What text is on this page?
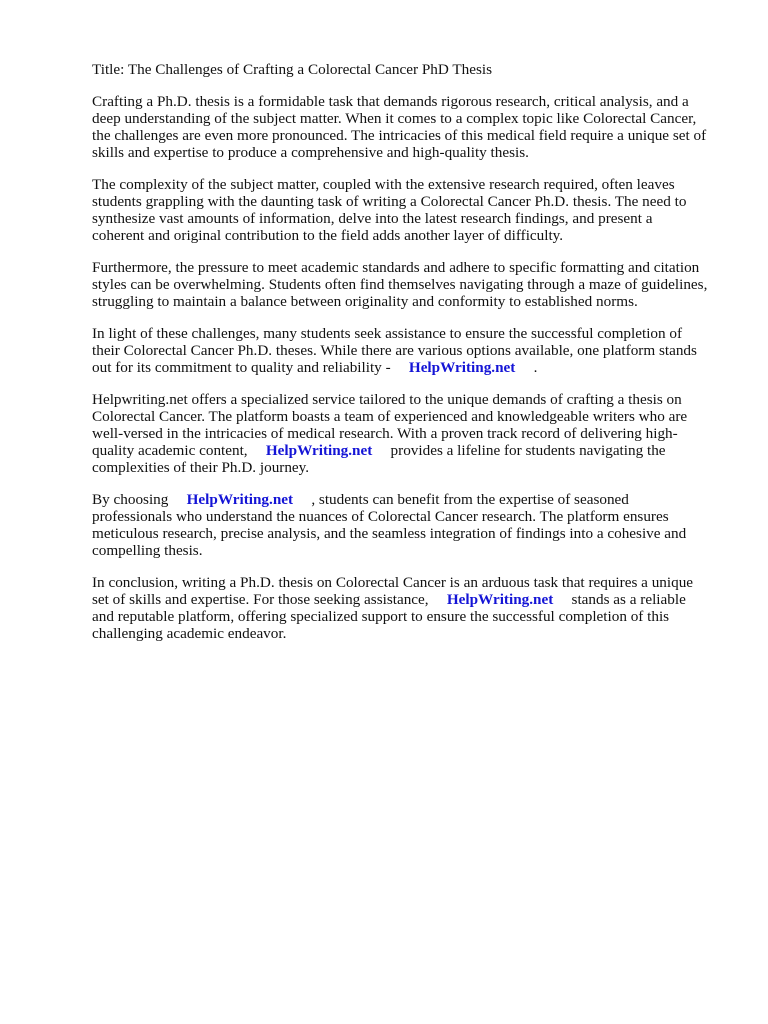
Title: The Challenges of Crafting a Colorectal Cancer PhD Thesis

Crafting a Ph.D. thesis is a formidable task that demands rigorous research, critical analysis, and a deep understanding of the subject matter. When it comes to a complex topic like Colorectal Cancer, the challenges are even more pronounced. The intricacies of this medical field require a unique set of skills and expertise to produce a comprehensive and high-quality thesis.

The complexity of the subject matter, coupled with the extensive research required, often leaves students grappling with the daunting task of writing a Colorectal Cancer Ph.D. thesis. The need to synthesize vast amounts of information, delve into the latest research findings, and present a coherent and original contribution to the field adds another layer of difficulty.

Furthermore, the pressure to meet academic standards and adhere to specific formatting and citation styles can be overwhelming. Students often find themselves navigating through a maze of guidelines, struggling to maintain a balance between originality and conformity to established norms.

In light of these challenges, many students seek assistance to ensure the successful completion of their Colorectal Cancer Ph.D. theses. While there are various options available, one platform stands out for its commitment to quality and reliability - HelpWriting.net .

Helpwriting.net offers a specialized service tailored to the unique demands of crafting a thesis on Colorectal Cancer. The platform boasts a team of experienced and knowledgeable writers who are well-versed in the intricacies of medical research. With a proven track record of delivering high-quality academic content, HelpWriting.net provides a lifeline for students navigating the complexities of their Ph.D. journey.

By choosing HelpWriting.net , students can benefit from the expertise of seasoned professionals who understand the nuances of Colorectal Cancer research. The platform ensures meticulous research, precise analysis, and the seamless integration of findings into a cohesive and compelling thesis.

In conclusion, writing a Ph.D. thesis on Colorectal Cancer is an arduous task that requires a unique set of skills and expertise. For those seeking assistance, HelpWriting.net stands as a reliable and reputable platform, offering specialized support to ensure the successful completion of this challenging academic endeavor.
